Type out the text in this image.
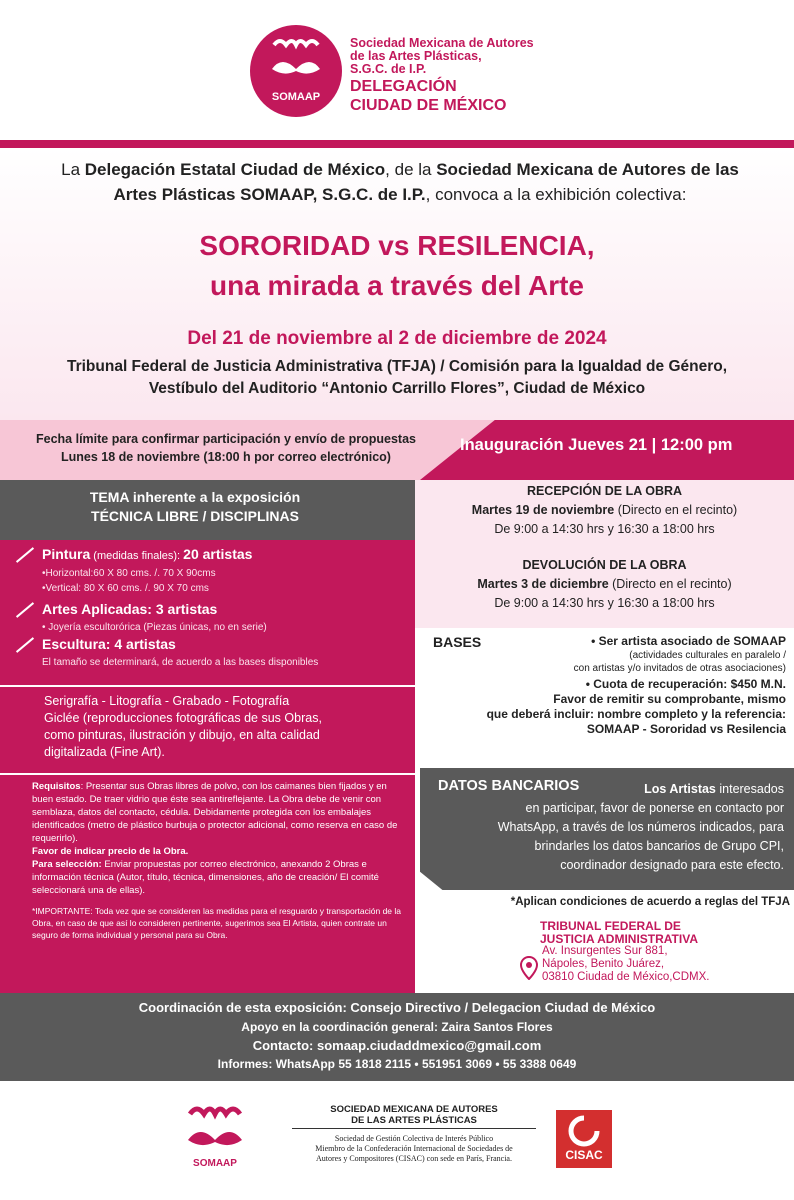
SOMAAP
Sociedad Mexicana de Autores
de las Artes Plásticas,
S.G.C. de I.P.
DELEGACIÓN
CIUDAD DE MÉXICO
La Delegación Estatal Ciudad de México, de la Sociedad Mexicana de Autores de las Artes Plásticas SOMAAP, S.G.C. de I.P., convoca a la exhibición colectiva:
SORORIDAD vs RESILENCIA,
una mirada a través del Arte
Del 21 de noviembre al 2 de diciembre de 2024
Tribunal Federal de Justicia Administrativa (TFJA) / Comisión para la Igualdad de Género,
Vestíbulo del Auditorio “Antonio Carrillo Flores”, Ciudad de México
Fecha límite para confirmar participación y envío de propuestas
Lunes 18 de noviembre (18:00 h por correo electrónico)
Inauguración Jueves 21 | 12:00 pm
TEMA inherente a la exposición
TÉCNICA LIBRE / DISCIPLINAS
Pintura (medidas finales): 20 artistas
•Horizontal:60 X 80 cms. /. 70 X 90cms
•Vertical: 80 X 60 cms. /. 90 X 70 cms
Artes Aplicadas: 3 artistas
• Joyería escultorórica (Piezas únicas, no en serie)
Escultura: 4 artistas
El tamaño se determinará, de acuerdo a las bases disponibles
Serigrafía - Litografía - Grabado - Fotografía
Giclée (reproducciones fotográficas de sus Obras,
como pinturas, ilustración y dibujo, en alta calidad
digitalizada (Fine Art).
Requisitos: Presentar sus Obras libres de polvo, con los caimanes bien fijados y en buen estado. De traer vidrio que éste sea antireflejante. La Obra debe de venir con semblaza, datos del contacto, cédula. Debidamente protegida con los embalajes identificados (metro de plástico burbuja o protector adicional, como reserva en caso de requerirlo).
Favor de indicar precio de la Obra.
Para selección: Enviar propuestas por correo electrónico, anexando 2 Obras e información técnica (Autor, título, técnica, dimensiones, año de creación/ El comité seleccionará una de ellas).
*IMPORTANTE: Toda vez que se consideren las medidas para el resguardo y transportación de la Obra, en caso de que así lo consideren pertinente, sugerimos sea El Artista, quien contrate un seguro de forma individual y personal para su Obra.
RECEPCIÓN DE LA OBRA
Martes 19 de noviembre (Directo en el recinto)
De 9:00 a 14:30 hrs y 16:30 a 18:00 hrs
DEVOLUCIÓN DE LA OBRA
Martes 3 de diciembre (Directo en el recinto)
De 9:00 a 14:30 hrs y 16:30 a 18:00 hrs
BASES	• Ser artista asociado de SOMAAP
(actividades culturales en paralelo /
con artistas y/o invitados de otras asociaciones)
• Cuota de recuperación: $450 M.N.
Favor de remitir su comprobante, mismo
que deberá incluir: nombre completo y la referencia:
SOMAAP - Sororidad vs Resilencia
DATOS BANCARIOS	Los Artistas interesados
en participar, favor de ponerse en contacto por
WhatsApp, a través de los números indicados, para
brindarles los datos bancarios de Grupo CPI,
coordinador designado para este efecto.
*Aplican condiciones de acuerdo a reglas del TFJA
TRIBUNAL FEDERAL DE
JUSTICIA ADMINISTRATIVA
Av. Insurgentes Sur 881,
Nápoles, Benito Juárez,
03810 Ciudad de México,CDMX.
Coordinación de esta exposición: Consejo Directivo / Delegacion Ciudad de México
Apoyo en la coordinación general: Zaira Santos Flores
Contacto: somaap.ciudaddmexico@gmail.com
Informes: WhatsApp 55 1818 2115 • 551951 3069 • 55 3388 0649
SOMAAP
SOCIEDAD MEXICANA DE AUTORES
DE LAS ARTES PLÁSTICAS
Sociedad de Gestión Colectiva de Interés Público
Miembro de la Confederación Internacional de Sociedades de
Autores y Compositores (CISAC) con sede en París, Francia.	CISAC
